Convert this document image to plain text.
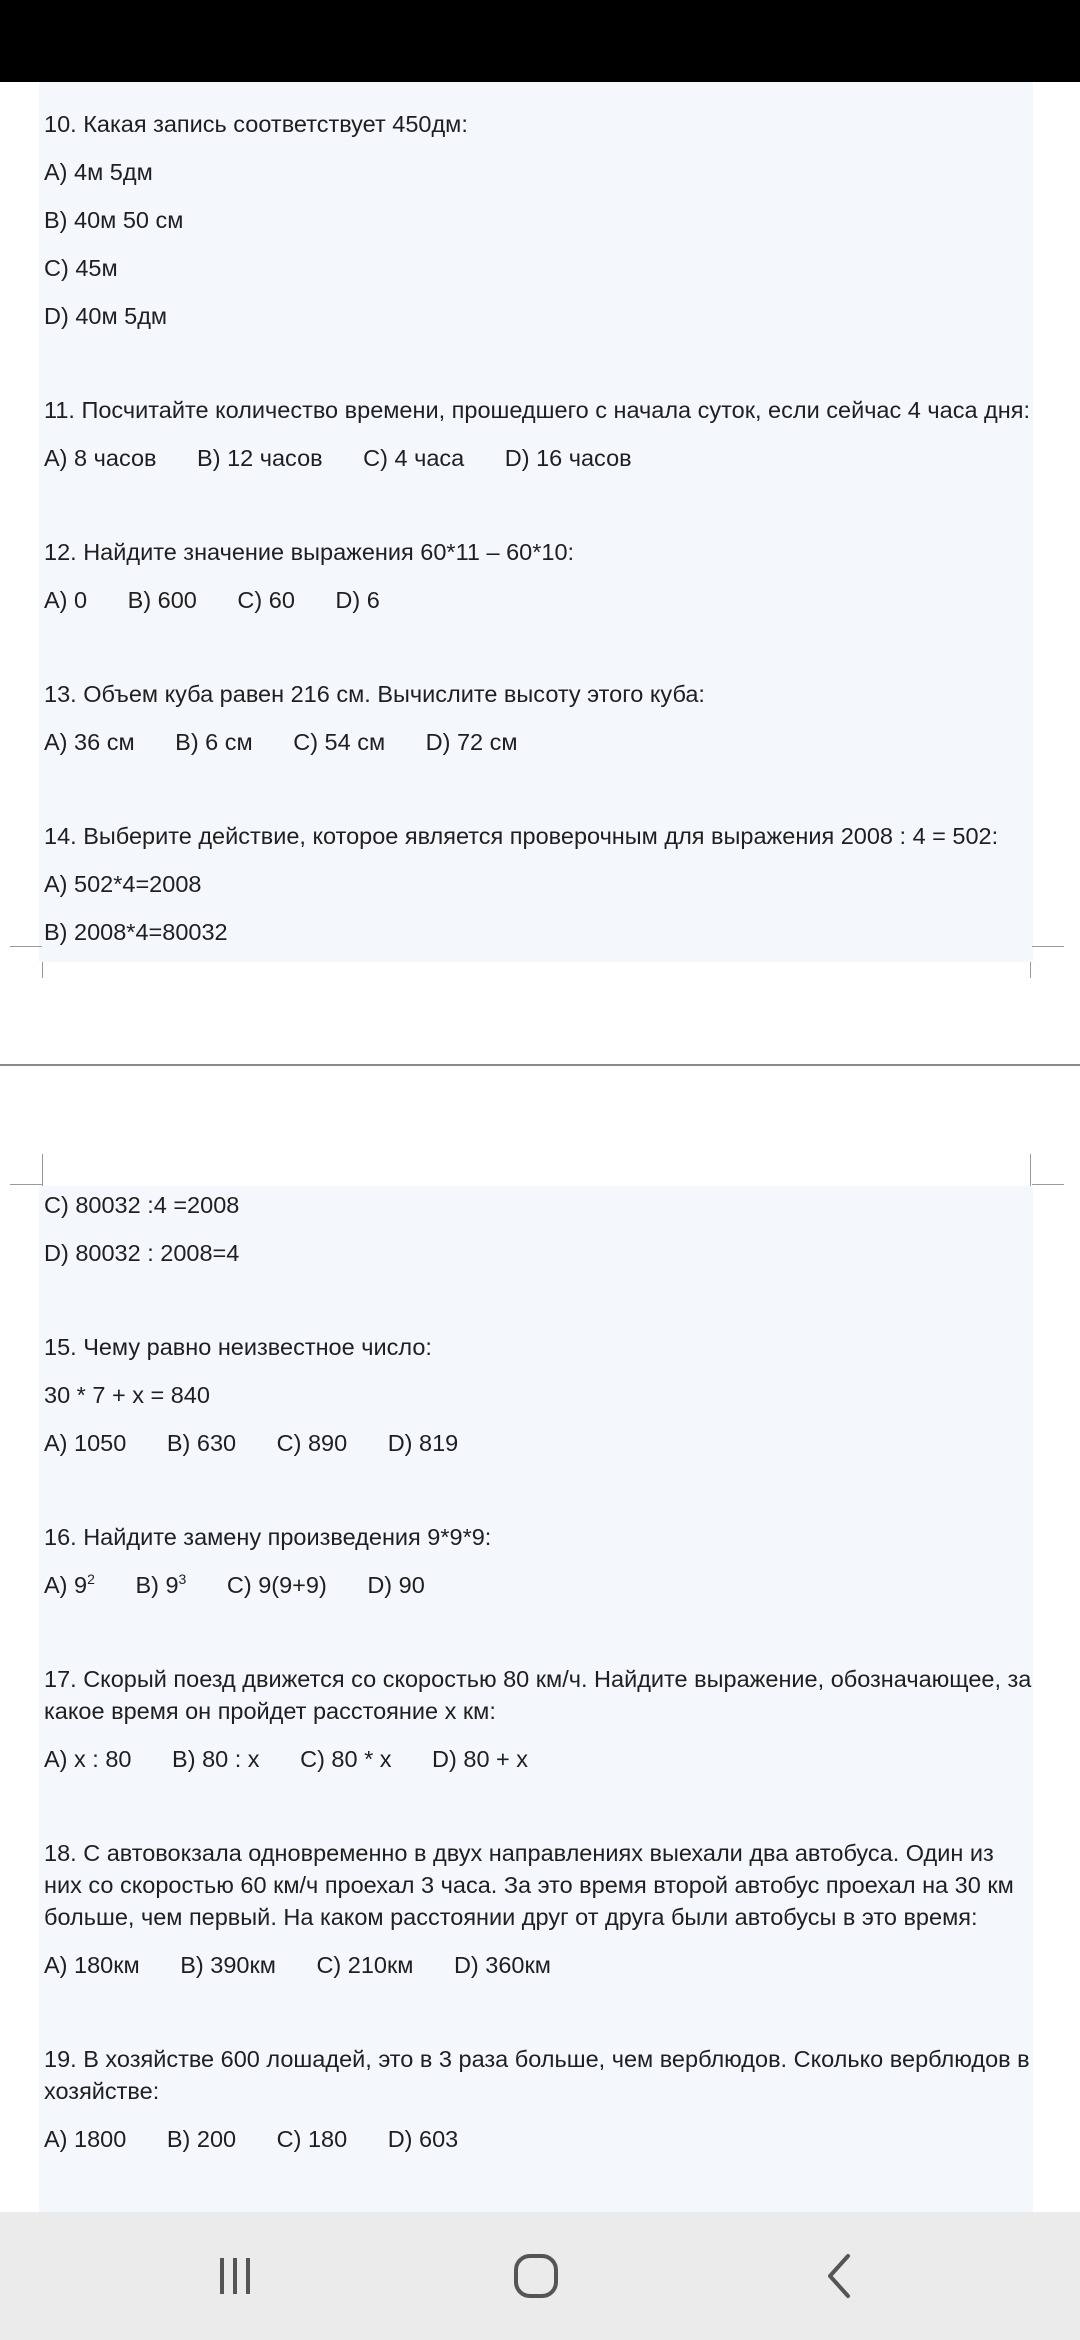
10. Какая запись соответствует 450дм:

А) 4м 5дм

В) 40м 50 см

С) 45м

D) 40м 5дм

11. Посчитайте количество времени, прошедшего с начала суток, если сейчас 4 часа дня:

А) 8 часов В) 12 часов С) 4 часа D) 16 часов

12. Найдите значение выражения 60*11 – 60*10:

А) 0 В) 600 С) 60 D) 6

13. Объем куба равен 216 см. Вычислите высоту этого куба:

А) 36 см В) 6 см С) 54 см D) 72 см

14. Выберите действие, которое является проверочным для выражения 2008 : 4 = 502:

А) 502*4=2008

В) 2008*4=80032

С) 80032 :4 =2008

D) 80032 : 2008=4

15. Чему равно неизвестное число:

30 * 7 + х = 840

А) 1050 В) 630 С) 890 D) 819

16. Найдите замену произведения 9*9*9:

А) $9^2$ В) $9^3$ С) 9(9+9) D) 90

17. Скорый поезд движется со скоростью 80 км/ч. Найдите выражение, обозначающее, за какое время он пройдет расстояние х км:

А) х : 80 В) 80 : х С) 80 * х D) 80 + х

18. С автовокзала одновременно в двух направлениях выехали два автобуса. Один из них со скоростью 60 км/ч проехал 3 часа. За это время второй автобус проехал на 30 км больше, чем первый. На каком расстоянии друг от друга были автобусы в это время:

А) 180км В) 390км С) 210км D) 360км

19. В хозяйстве 600 лошадей, это в 3 раза больше, чем верблюдов. Сколько верблюдов в хозяйстве:

А) 1800 В) 200 С) 180 D) 603
